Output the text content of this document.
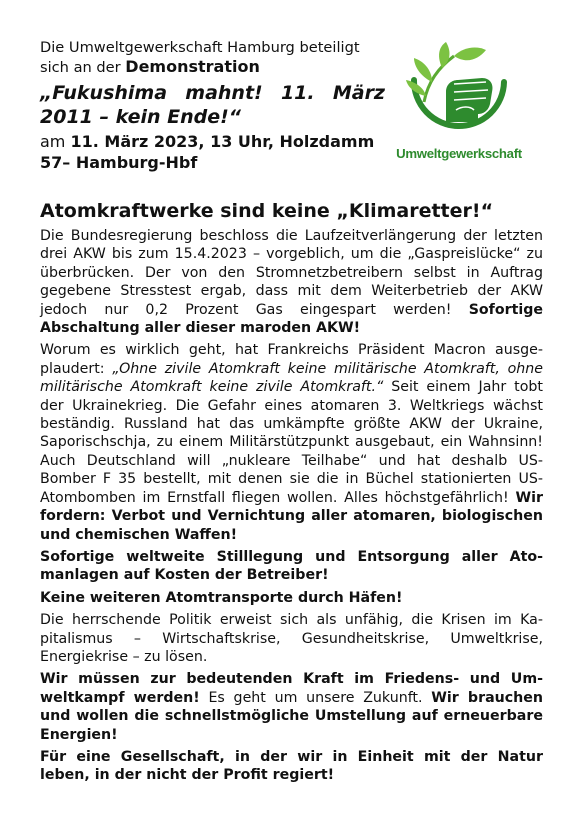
Die Umweltgewerkschaft Hamburg beteiligt
sich an der Demonstration

„Fukushima mahnt! 11. März 2011 – kein Ende!“

am 11. März 2023, 13 Uhr, Holzdamm 57– Hamburg-Hbf	Umweltgewerkschaft
Atomkraftwerke sind keine „Klimaretter!“

Die Bundesregierung beschloss die Laufzeitverlängerung der letzten drei AKW bis zum 15.4.2023 – vorgeblich, um die „Gaspreislücke“ zu überbrücken. Der von den Stromnetzbetreibern selbst in Auftrag gegebene Stresstest ergab, dass mit dem Weiterbetrieb der AKW jedoch nur 0,2 Prozent Gas eingespart werden! Sofortige Abschaltung aller dieser maroden AKW!

Worum es wirklich geht, hat Frankreichs Präsident Macron ausgeplaudert: „Ohne zivile Atomkraft keine militärische Atomkraft, ohne militärische Atomkraft keine zivile Atomkraft.“ Seit einem Jahr tobt der Ukrainekrieg. Die Gefahr eines atomaren 3. Weltkriegs wächst beständig. Russland hat das umkämpfte größte AKW der Ukraine, Saporischschja, zu einem Militärstützpunkt ausgebaut, ein Wahnsinn! Auch Deutschland will „nukleare Teilhabe“ und hat deshalb US-Bomber F 35 bestellt, mit denen sie die in Büchel stationierten US-Atombomben im Ernstfall fliegen wollen. Alles höchstgefährlich! Wir fordern: Verbot und Vernichtung aller atomaren, biologischen und chemischen Waffen!

Sofortige weltweite Stilllegung und Entsorgung aller Atomanlagen auf Kosten der Betreiber!

Keine weiteren Atomtransporte durch Häfen!

Die herrschende Politik erweist sich als unfähig, die Krisen im Kapitalismus – Wirtschaftskrise, Gesundheitskrise, Umweltkrise, Energiekrise – zu lösen.

Wir müssen zur bedeutenden Kraft im Friedens- und Umweltkampf werden! Es geht um unsere Zukunft. Wir brauchen und wollen die schnellstmögliche Umstellung auf erneuerbare Energien!

Für eine Gesellschaft, in der wir in Einheit mit der Natur leben, in der nicht der Profit regiert!
